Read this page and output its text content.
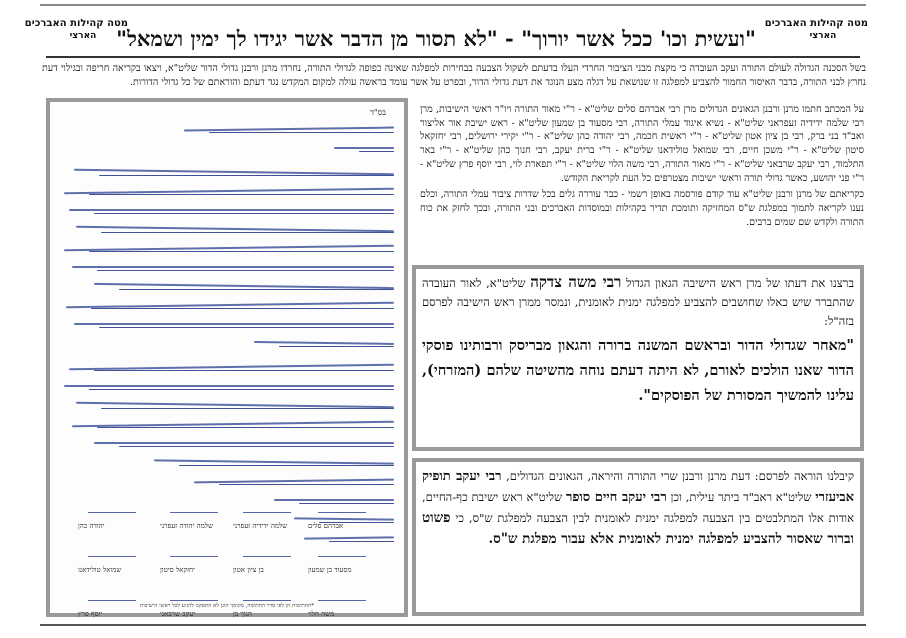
מטה קהילות האברכים
הארצי
מטה קהילות האברכים
הארצי "ועשית וכו' ככל אשר יורוך" - "לא תסור מן הדבר אשר יגידו לך ימין ושמאל"
בשל הסכנה הגדולה לעולם התורה ועקב העובדה כי מקצת מבני הציבור החרדי העלו בדעתם לשקול הצבעה בבחירות למפלגה שאינה כפופה לגדולי התורה, נחרדו מרנן ורבנן גדולי הדור שליט"א, ויצאו בקריאה חריפה ובגילוי דעת נחרץ לבני התורה, בדבר האיסור החמור להצביע למפלגה זו שנושאת על דגלה מצע הנוגד את דעת גדולי הדור, ובפרט על אשר עומד בראשה עולה למקום המקדש נגד דעתם והוראתם של כל גדולי הדורות.
בס"ד
אברהם סלים
שלמה ידידיה זעפרני
שלמה יהודה זעפרני
יהודה כהן
מסעוד בן שמעון
בן ציון אטון
יחזקאל סיטון
שמואל טולידאנו
משה הלוי
הנוך בן
יעקב שרבאני
יוסף פרץ
*החתימות הן לפי סדר החתימה, מקומך הוגן לא התסקנו להגיע לכל ראשי הישיבות

על המכתב חתמו מרנן ורבנן הגאונים הגדולים מרן רבי אברהם סלים שליט"א - ר"י מאור התורה ויו"ר ראשי הישיבות, מרן רבי שלמה ידידיה זעפראני שליט"א - נשיא איגוד עמלי התורה, רבי מסעוד בן שמעון שליט"א - ראש ישיבת אור אליצור ואב"ד בני ברק, רבי בן ציון אטון שליט"א - ר"י ראשית חכמה, רבי יהודה כהן שליט"א - ר"י יקירי ירושלים, רבי יחזקאל סיטון שליט"א - ר"י משכן חיים, רבי שמואל טולידאנו שליט"א - ר"י ברית יעקב, רבי חנוך כהן שליט"א - ר"י באר התלמוד, רבי יעקב שרבאני שליט"א - ר"י מאור התורה, רבי משה הלוי שליט"א - ר"י תפארת לוי, רבי יוסף פרץ שליט"א - ר"י פני יהושע, כאשר גדולי תורה וראשי ישיבות מצטרפים כל העת לקריאת הקודש.

כקריאתם של מרנן ורבנן שליט"א עוד קודם פורסמה באופן רשמי - כבר עוררה גלים בכל שדרות ציבור עמלי התורה, וכלם נענו לקריאה לתמוך במפלגת ש"ס המחזיקה ותומכת תדיר בקהילות ובמוסדות האברכים ובני התורה, ובכך לחזק את כוח התורה ולקדש שם שמים ברבים.

ברצנו את דעתו של מרן ראש הישיבה הגאון הגדול רבי משה צדקה שליט"א, לאור העובדה שהתברר שיש כאלו שחושבים להצביע למפלגה ימנית לאומנית, ונמסר ממרן ראש הישיבה לפרסם בזה"ל:
"מאחר שגדולי הדור ובראשם המשנה ברורה והגאון מבריסק ורבותינו פוסקי הדור שאנו הולכים לאורם, לא היתה דעתם נוחה מהשיטה שלהם (המזרחי), עלינו להמשיך המסורת של הפוסקים".
קיבלנו הוראה לפרסם: דעת מרנן ורבנן שרי התורה והיראה, הגאונים הגדולים, רבי יעקב תופיק אביעזרי שליט"א ראב"ד ביתר עילית, וכן רבי יעקב חיים סופר שליט"א ראש ישיבת כף-החיים, אודות אלו המתלבטים בין הצבעה למפלגה ימנית לאומנית לבין הצבעה למפלגת ש"ס, כי פשוט וברור שאסור להצביע למפלגה ימנית לאומנית אלא עבור מפלגת ש"ס.
